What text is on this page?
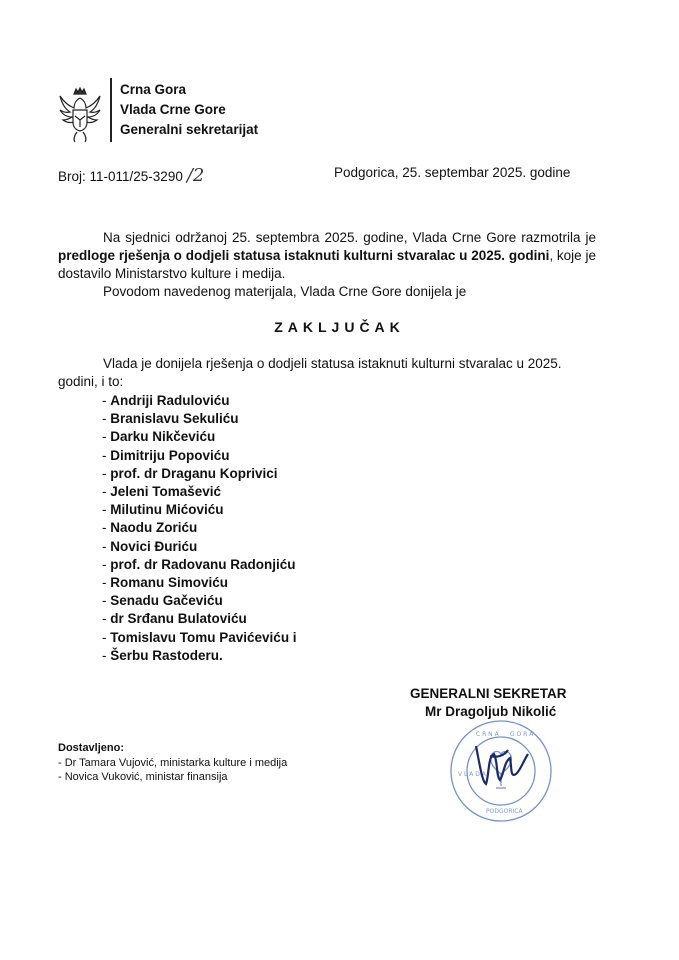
Crna Gora
Vlada Crne Gore
Generalni sekretarijat
Broj: 11-011/25-3290 /2	Podgorica, 25. septembar 2025. godine

Na sjednici održanoj 25. septembra 2025. godine, Vlada Crne Gore razmotrila je predloge rješenja o dodjeli statusa istaknuti kulturni stvaralac u 2025. godini, koje je dostavilo Ministarstvo kulture i medija.

Povodom navedenog materijala, Vlada Crne Gore donijela je

ZAKLJUČAK

Vlada je donijela rješenja o dodjeli statusa istaknuti kulturni stvaralac u 2025. godini, i to:

- Andriji Raduloviću
- Branislavu Sekuliću
- Darku Nikčeviću
- Dimitriju Popoviću
- prof. dr Draganu Koprivici
- Jeleni Tomašević
- Milutinu Mićoviću
- Naodu Zoriću
- Novici Đuriću
- prof. dr Radovanu Radonjiću
- Romanu Simoviću
- Senadu Gačeviću
- dr Srđanu Bulatoviću
- Tomislavu Tomu Pavićeviću i
- Šerbu Rastoderu.
GENERALNI SEKRETAR
Mr Dragoljub Nikolić
C R N A G O R A
V L A D A
PODGORICA
Dostavljeno:
- Dr Tamara Vujović, ministarka kulture i medija
- Novica Vuković, ministar finansija
